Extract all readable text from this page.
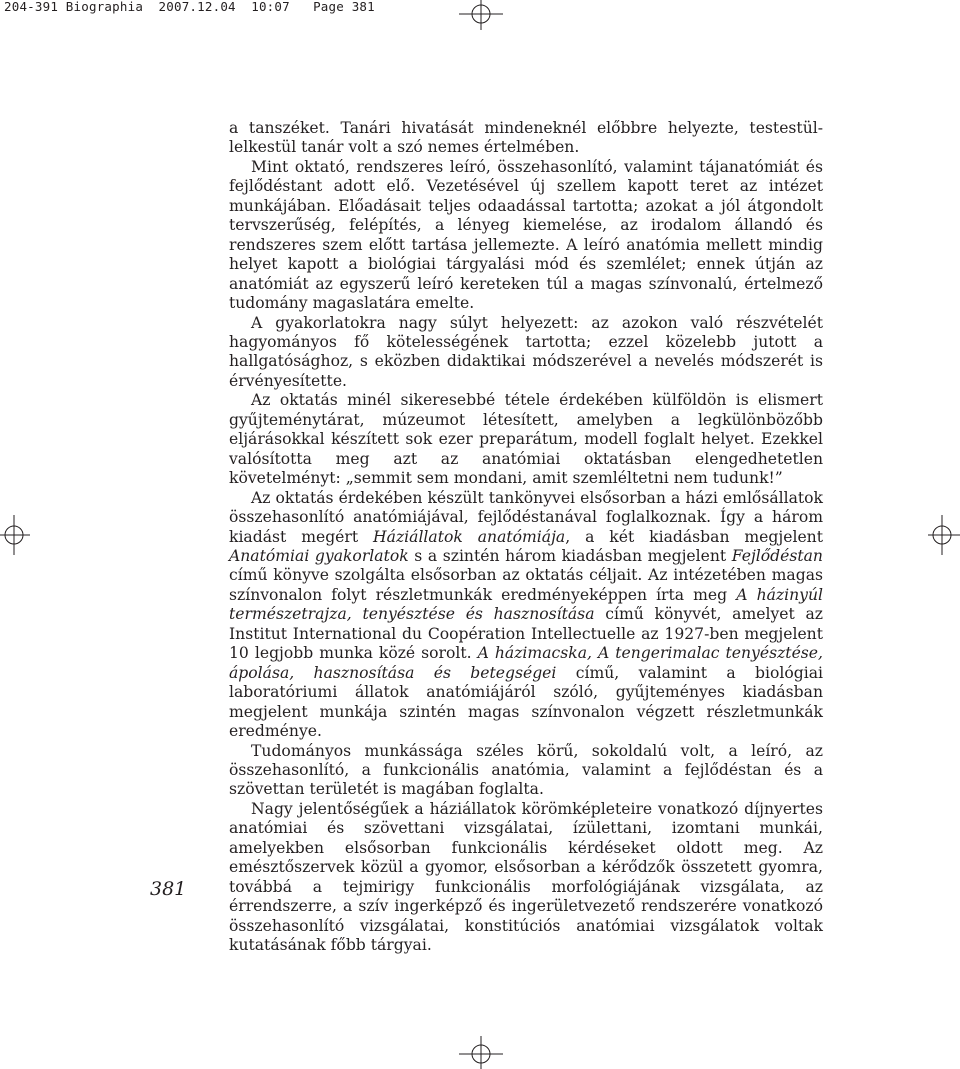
204-391 Biographia 2007.12.04 10:07 Page 381
381

a tanszéket. Tanári hivatását mindeneknél előbbre helyezte, testestül-lelkestül tanár volt a szó nemes értelmében.

Mint oktató, rendszeres leíró, összehasonlító, valamint tájanatómiát és fejlődéstant adott elő. Vezetésével új szellem kapott teret az intézet munkájában. Előadásait teljes odaadással tartotta; azokat a jól átgondolt tervszerűség, felépítés, a lényeg kiemelése, az irodalom állandó és rendszeres szem előtt tartása jellemezte. A leíró anatómia mellett mindig helyet kapott a biológiai tárgyalási mód és szemlélet; ennek útján az anatómiát az egyszerű leíró kereteken túl a magas színvonalú, értelmező tudomány magaslatára emelte.

A gyakorlatokra nagy súlyt helyezett: az azokon való részvételét hagyományos fő kötelességének tartotta; ezzel közelebb jutott a hallgatósághoz, s eközben didaktikai módszerével a nevelés módszerét is érvényesítette.

Az oktatás minél sikeresebbé tétele érdekében külföldön is elismert gyűjteménytárat, múzeumot létesített, amelyben a legkülönbözőbb eljárásokkal készített sok ezer preparátum, modell foglalt helyet. Ezekkel valósította meg azt az anatómiai oktatásban elengedhetetlen követelményt: „semmit sem mondani, amit szemléltetni nem tudunk!”

Az oktatás érdekében készült tankönyvei elsősorban a házi emlősállatok összehasonlító anatómiájával, fejlődéstanával foglalkoznak. Így a három kiadást megért Háziállatok anatómiája, a két kiadásban megjelent Anatómiai gyakorlatok s a szintén három kiadásban megjelent Fejlődéstan című könyve szolgálta elsősorban az oktatás céljait. Az intézetében magas színvonalon folyt részletmunkák eredményeképpen írta meg A házinyúl természetrajza, tenyésztése és hasznosítása című könyvét, amelyet az Institut International du Coopération Intellectuelle az 1927-ben megjelent 10 legjobb munka közé sorolt. A házimacska, A tengerimalac tenyésztése, ápolása, hasznosítása és betegségei című, valamint a biológiai laboratóriumi állatok anatómiájáról szóló, gyűjteményes kiadásban megjelent munkája szintén magas színvonalon végzett részletmunkák eredménye.

Tudományos munkássága széles körű, sokoldalú volt, a leíró, az összehasonlító, a funkcionális anatómia, valamint a fejlődéstan és a szövettan területét is magában foglalta.

Nagy jelentőségűek a háziállatok körömképleteire vonatkozó díjnyertes anatómiai és szövettani vizsgálatai, ízülettani, izomtani munkái, amelyekben elsősorban funkcionális kérdéseket oldott meg. Az emésztőszervek közül a gyomor, elsősorban a kérődzők összetett gyomra, továbbá a tejmirigy funkcionális morfológiájának vizsgálata, az érrendszerre, a szív ingerképző és ingerületvezető rendszerére vonatkozó összehasonlító vizsgálatai, konstitúciós anatómiai vizsgálatok voltak kutatásának főbb tárgyai.
